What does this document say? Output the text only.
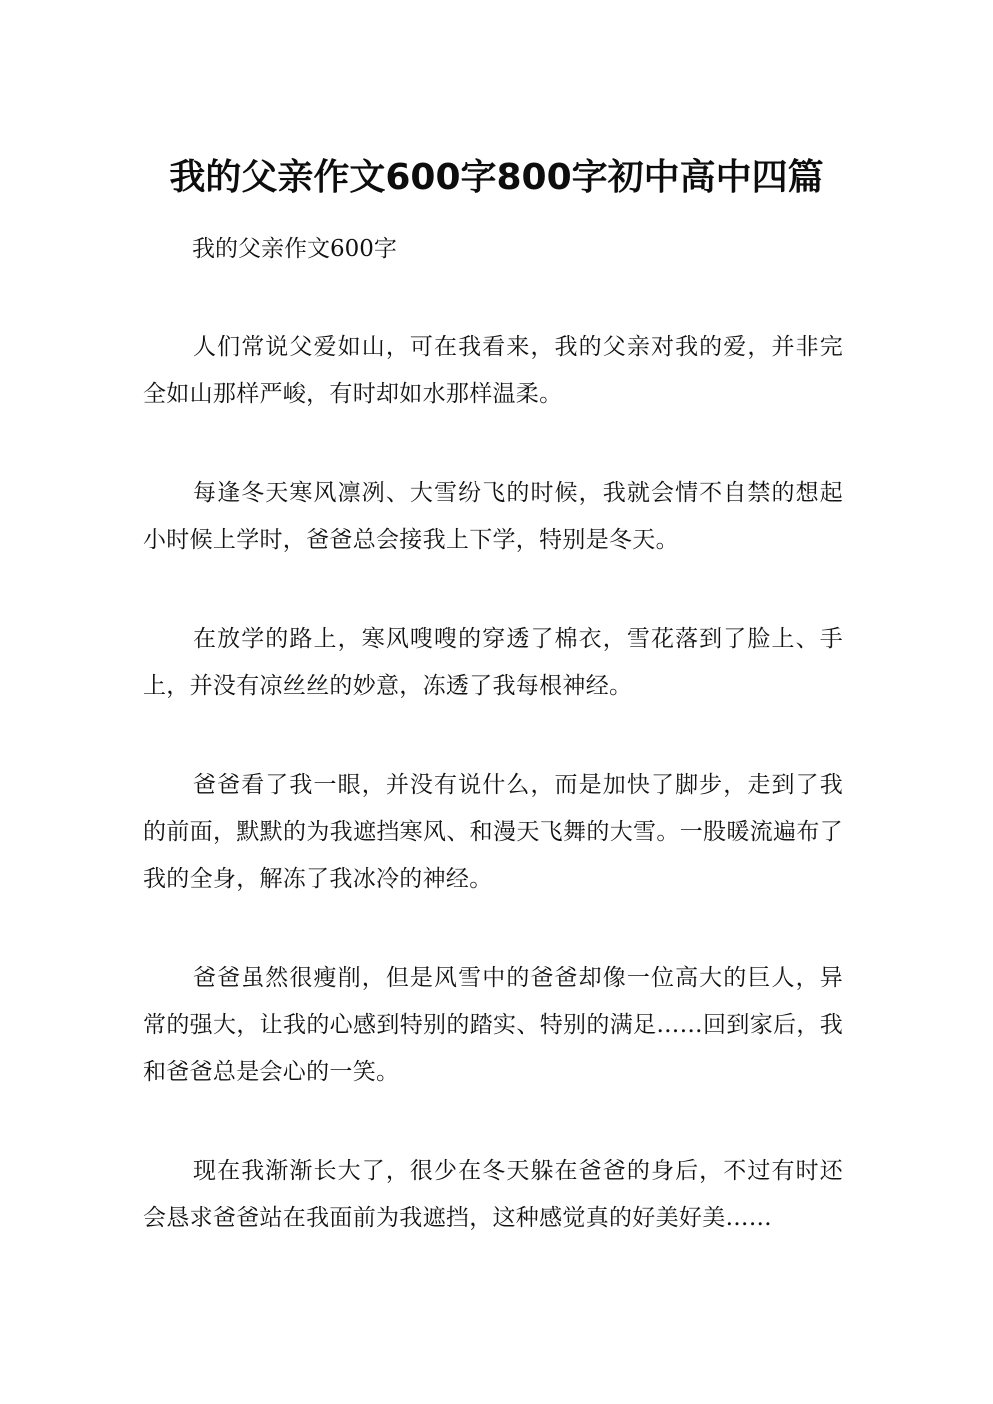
我的父亲作文600字800字初中高中四篇

我的父亲作文600字

人们常说父爱如山，可在我看来，我的父亲对我的爱，并非完全如山那样严峻，有时却如水那样温柔。

每逢冬天寒风凛冽、大雪纷飞的时候，我就会情不自禁的想起小时候上学时，爸爸总会接我上下学，特别是冬天。

在放学的路上，寒风嗖嗖的穿透了棉衣，雪花落到了脸上、手上，并没有凉丝丝的妙意，冻透了我每根神经。

爸爸看了我一眼，并没有说什么，而是加快了脚步，走到了我的前面，默默的为我遮挡寒风、和漫天飞舞的大雪。一股暖流遍布了我的全身，解冻了我冰冷的神经。

爸爸虽然很瘦削，但是风雪中的爸爸却像一位高大的巨人，异常的强大，让我的心感到特别的踏实、特别的满足……回到家后，我和爸爸总是会心的一笑。

现在我渐渐长大了，很少在冬天躲在爸爸的身后，不过有时还会恳求爸爸站在我面前为我遮挡，这种感觉真的好美好美……
